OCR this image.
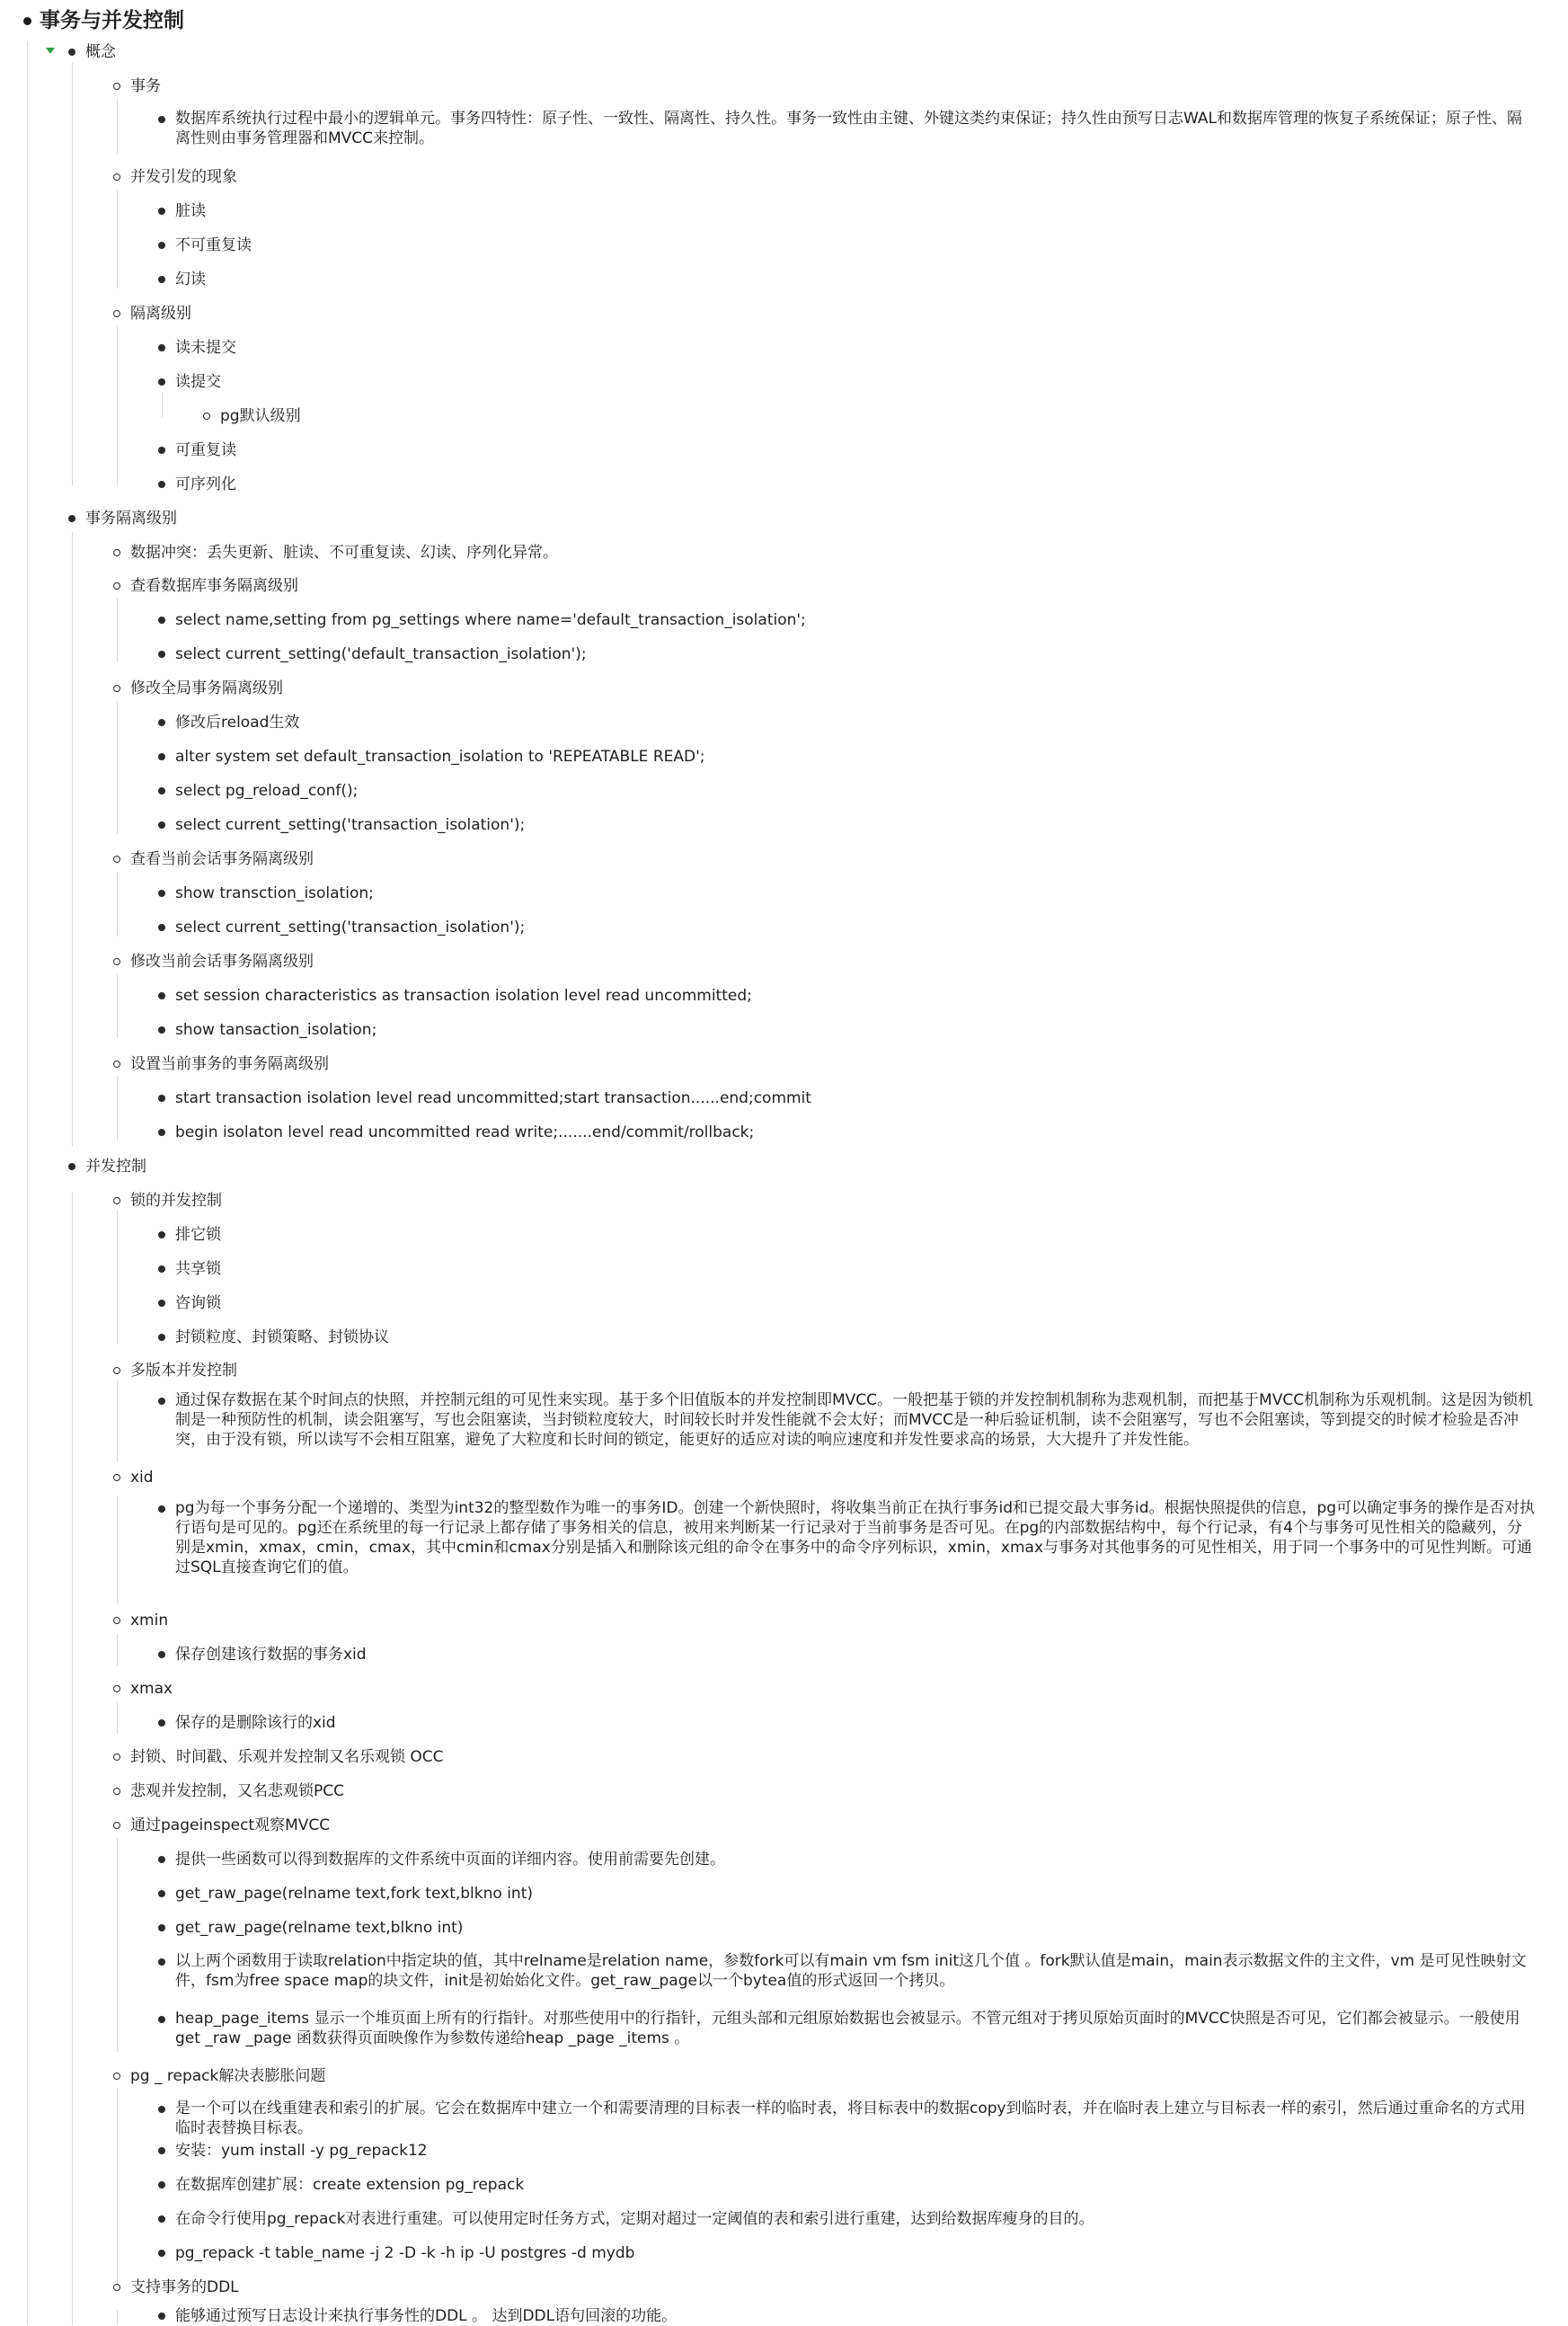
事务与并发控制
概念
事务
数据库系统执行过程中最小的逻辑单元。事务四特性：原子性、一致性、隔离性、持久性。事务一致性由主键、外键这类约束保证；持久性由预写日志WAL和数据库管理的恢复子系统保证；原子性、隔离性则由事务管理器和MVCC来控制。
并发引发的现象
脏读
不可重复读
幻读
隔离级别
读未提交
读提交
pg默认级别
可重复读
可序列化
事务隔离级别
数据冲突：丢失更新、脏读、不可重复读、幻读、序列化异常。
查看数据库事务隔离级别
select name,setting from pg_settings where name='default_transaction_isolation';
select current_setting('default_transaction_isolation');
修改全局事务隔离级别
修改后reload生效
alter system set default_transaction_isolation to 'REPEATABLE READ';
select pg_reload_conf();
select current_setting('transaction_isolation');
查看当前会话事务隔离级别
show transction_isolation;
select current_setting('transaction_isolation');
修改当前会话事务隔离级别
set session characteristics as transaction isolation level read uncommitted;
show tansaction_isolation;
设置当前事务的事务隔离级别
start transaction isolation level read uncommitted;start transaction......end;commit
begin isolaton level read uncommitted read write;.......end/commit/rollback;
并发控制
锁的并发控制
排它锁
共享锁
咨询锁
封锁粒度、封锁策略、封锁协议
多版本并发控制
通过保存数据在某个时间点的快照，并控制元组的可见性来实现。基于多个旧值版本的并发控制即MVCC。一般把基于锁的并发控制机制称为悲观机制，而把基于MVCC机制称为乐观机制。这是因为锁机制是一种预防性的机制，读会阻塞写，写也会阻塞读，当封锁粒度较大，时间较长时并发性能就不会太好；而MVCC是一种后验证机制，读不会阻塞写，写也不会阻塞读，等到提交的时候才检验是否冲突，由于没有锁，所以读写不会相互阻塞，避免了大粒度和长时间的锁定，能更好的适应对读的响应速度和并发性要求高的场景，大大提升了并发性能。
xid
pg为每一个事务分配一个递增的、类型为int32的整型数作为唯一的事务ID。创建一个新快照时，将收集当前正在执行事务id和已提交最大事务id。根据快照提供的信息，pg可以确定事务的操作是否对执行语句是可见的。pg还在系统里的每一行记录上都存储了事务相关的信息，被用来判断某一行记录对于当前事务是否可见。在pg的内部数据结构中，每个行记录，有4个与事务可见性相关的隐藏列，分别是xmin，xmax，cmin，cmax，其中cmin和cmax分别是插入和删除该元组的命令在事务中的命令序列标识，xmin，xmax与事务对其他事务的可见性相关，用于同一个事务中的可见性判断。可通过SQL直接查询它们的值。
xmin
保存创建该行数据的事务xid
xmax
保存的是删除该行的xid
封锁、时间戳、乐观并发控制又名乐观锁 OCC
悲观并发控制，又名悲观锁PCC
通过pageinspect观察MVCC
提供一些函数可以得到数据库的文件系统中页面的详细内容。使用前需要先创建。
get_raw_page(relname text,fork text,blkno int)
get_raw_page(relname text,blkno int)
以上两个函数用于读取relation中指定块的值，其中relname是relation name，参数fork可以有main vm fsm init这几个值 。fork默认值是main，main表示数据文件的主文件，vm 是可见性映射文件，fsm为free space map的块文件，init是初始始化文件。get_raw_page以一个bytea值的形式返回一个拷贝。
heap_page_items 显示一个堆页面上所有的行指针。对那些使用中的行指针，元组头部和元组原始数据也会被显示。不管元组对于拷贝原始页面时的MVCC快照是否可见，它们都会被显示。一般使用get _raw _page 函数获得页面映像作为参数传递给heap _page _items 。
pg _ repack解决表膨胀问题
是一个可以在线重建表和索引的扩展。它会在数据库中建立一个和需要清理的目标表一样的临时表，将目标表中的数据copy到临时表，并在临时表上建立与目标表一样的索引，然后通过重命名的方式用临时表替换目标表。
安装：yum install -y pg_repack12
在数据库创建扩展：create extension pg_repack
在命令行使用pg_repack对表进行重建。可以使用定时任务方式，定期对超过一定阈值的表和索引进行重建，达到给数据库瘦身的目的。
pg_repack -t table_name -j 2 -D -k -h ip -U postgres -d mydb
支持事务的DDL
能够通过预写日志设计来执行事务性的DDL 。 达到DDL语句回滚的功能。
